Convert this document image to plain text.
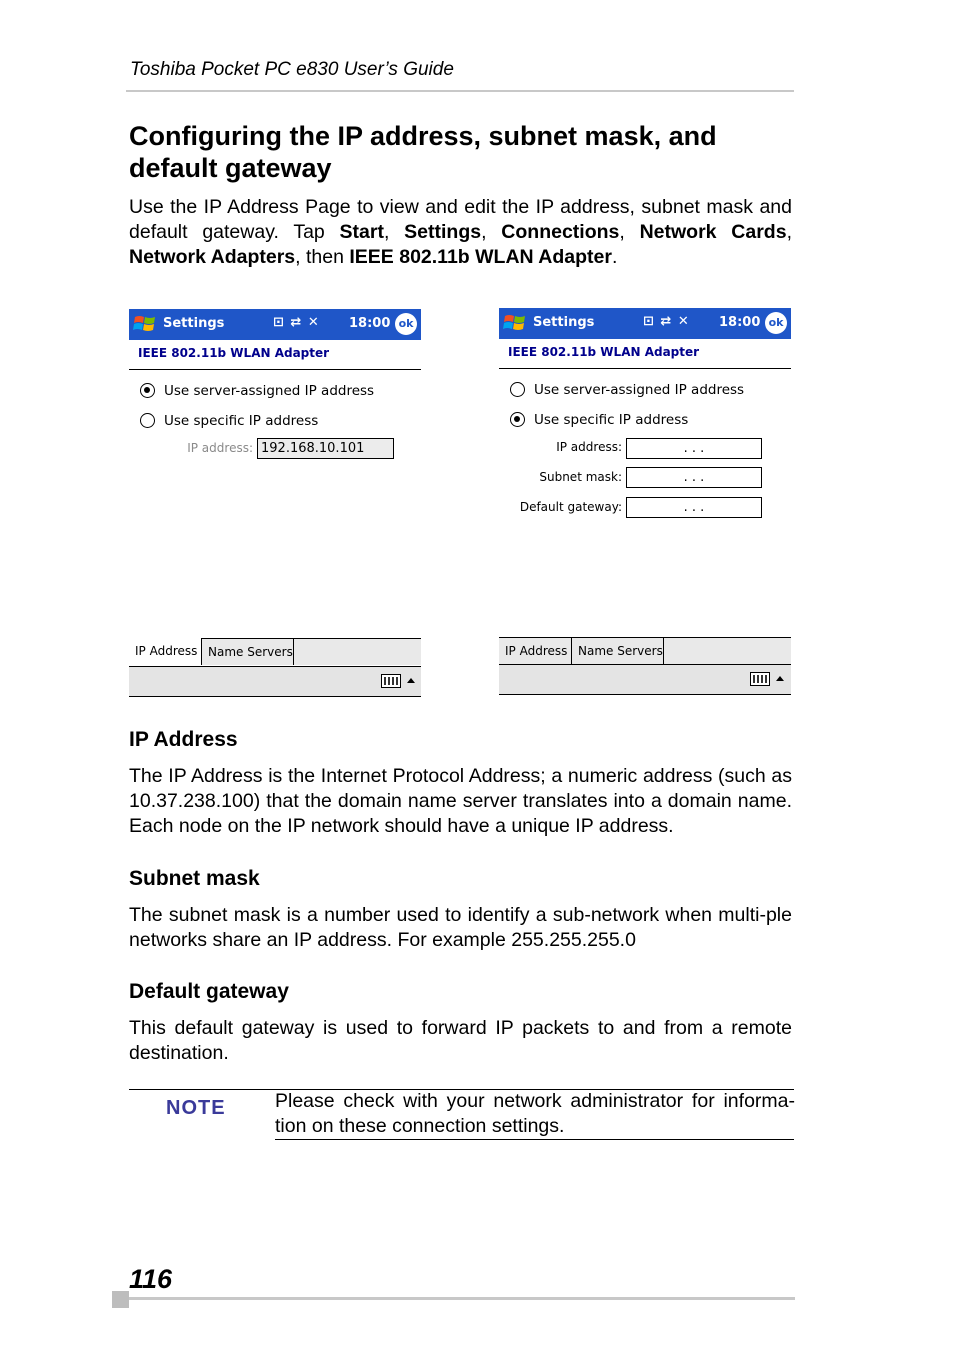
Toshiba Pocket PC e830 User’s Guide
Configuring the IP address, subnet mask, and default gateway
Use the IP Address Page to view and edit the IP address, subnet mask and default gateway. Tap Start, Settings, Connections, Network Cards, Network Adapters, then IEEE 802.11b WLAN Adapter.
Settings	⊡ ⇄ ✕ 18:00 ok
IEEE 802.11b WLAN Adapter
Use server-assigned IP address
Use specific IP address
IP address: 192.168.10.101
IP Address Name Servers
Settings	⊡ ⇄ ✕ 18:00 ok
IEEE 802.11b WLAN Adapter
Use server-assigned IP address
Use specific IP address
IP address:	. . .
Subnet mask:	. . .
Default gateway:	. . .
IP Address Name Servers
IP Address
The IP Address is the Internet Protocol Address; a numeric address (such as 10.37.238.100) that the domain name server translates into a domain name. Each node on the IP network should have a unique IP address.
Subnet mask
The subnet mask is a number used to identify a sub-network when multi-ple networks share an IP address. For example 255.255.255.0
Default gateway
This default gateway is used to forward IP packets to and from a remote destination.
NOTE	Please check with your network administrator for informa-tion on these connection settings.
116
